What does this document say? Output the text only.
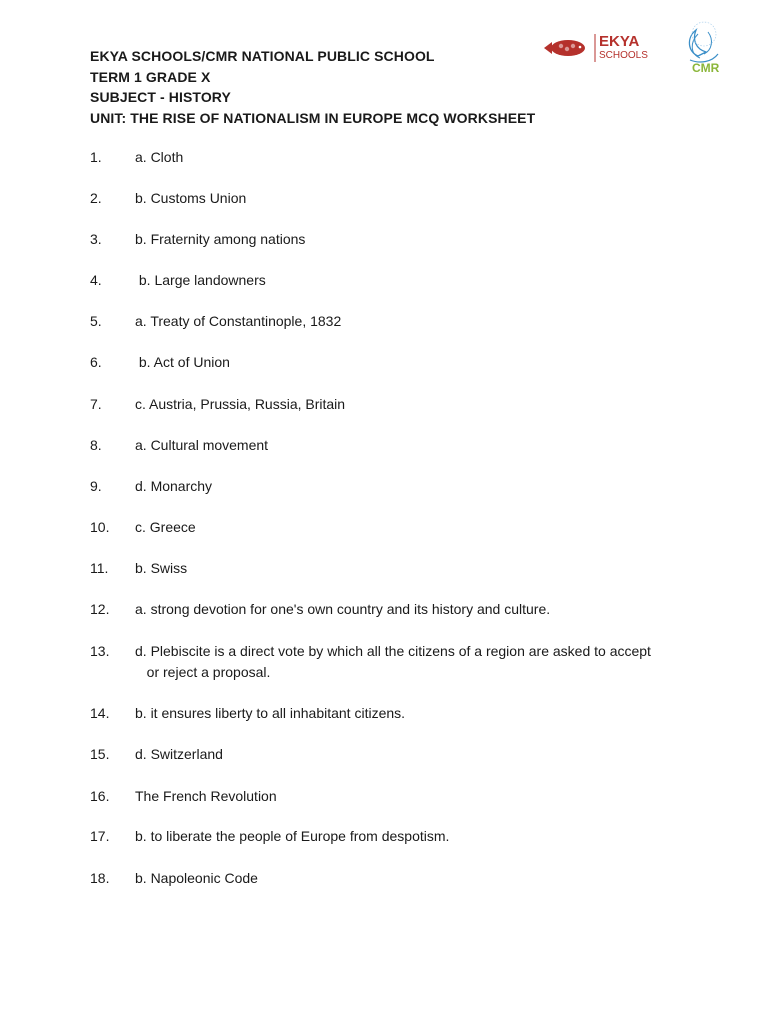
EKYA SCHOOLS/CMR NATIONAL PUBLIC SCHOOL
TERM 1 GRADE X
SUBJECT - HISTORY
UNIT: THE RISE OF NATIONALISM IN EUROPE MCQ WORKSHEET
EKYA
SCHOOLS
CMR
1.	a. Cloth
2.	b. Customs Union
3.	b. Fraternity among nations
4.	b. Large landowners
5.	a. Treaty of Constantinople, 1832
6.	b. Act of Union
7.	c. Austria, Prussia, Russia, Britain
8.	a. Cultural movement
9.	d. Monarchy
10.	c. Greece
11.	b. Swiss
12.	a. strong devotion for one's own country and its history and culture.
13.	d. Plebiscite is a direct vote by which all the citizens of a region are asked to accept
or reject a proposal.
14.	b. it ensures liberty to all inhabitant citizens.
15.	d. Switzerland
16.	The French Revolution
17.	b. to liberate the people of Europe from despotism.
18.	b. Napoleonic Code
